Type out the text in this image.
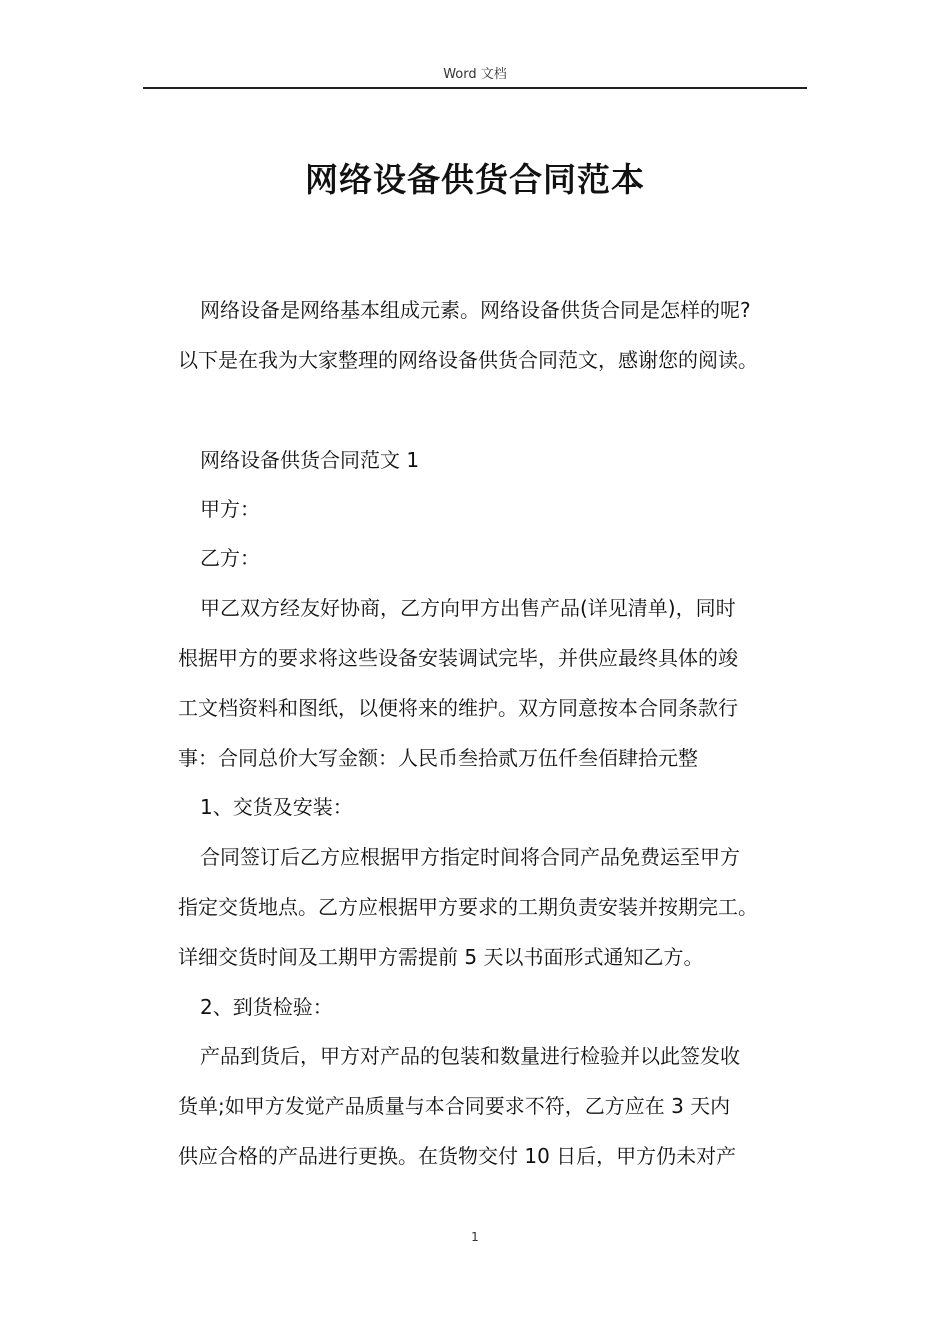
Word 文档
网络设备供货合同范本
网络设备是网络基本组成元素。网络设备供货合同是怎样的呢?
以下是在我为大家整理的网络设备供货合同范文，感谢您的阅读。
网络设备供货合同范文 1
甲方：
乙方：
甲乙双方经友好协商，乙方向甲方出售产品(详见清单)，同时
根据甲方的要求将这些设备安装调试完毕，并供应最终具体的竣
工文档资料和图纸，以便将来的维护。双方同意按本合同条款行
事：合同总价大写金额：人民币叁拾贰万伍仟叁佰肆拾元整
1、交货及安装：
合同签订后乙方应根据甲方指定时间将合同产品免费运至甲方
指定交货地点。乙方应根据甲方要求的工期负责安装并按期完工。
详细交货时间及工期甲方需提前 5 天以书面形式通知乙方。
2、到货检验：
产品到货后，甲方对产品的包装和数量进行检验并以此签发收
货单;如甲方发觉产品质量与本合同要求不符，乙方应在 3 天内
供应合格的产品进行更换。在货物交付 10 日后，甲方仍未对产
1
